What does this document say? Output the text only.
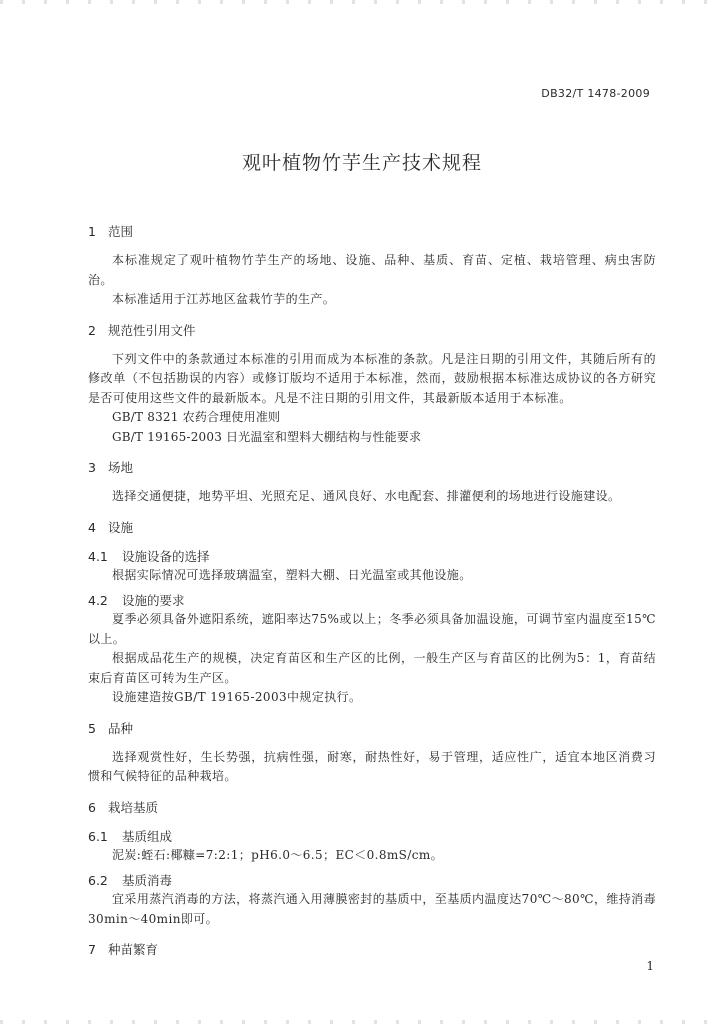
DB32/T 1478-2009
观叶植物竹芋生产技术规程
1 范围

本标准规定了观叶植物竹芋生产的场地、设施、品种、基质、育苗、定植、栽培管理、病虫害防治。

本标准适用于江苏地区盆栽竹芋的生产。

2 规范性引用文件

下列文件中的条款通过本标准的引用而成为本标准的条款。凡是注日期的引用文件，其随后所有的修改单（不包括勘误的内容）或修订版均不适用于本标准，然而，鼓励根据本标准达成协议的各方研究是否可使用这些文件的最新版本。凡是不注日期的引用文件，其最新版本适用于本标准。

GB/T 8321 农药合理使用准则

GB/T 19165-2003 日光温室和塑料大棚结构与性能要求

3 场地

选择交通便捷，地势平坦、光照充足、通风良好、水电配套、排灌便利的场地进行设施建设。

4 设施
4.1 设施设备的选择

根据实际情况可选择玻璃温室，塑料大棚、日光温室或其他设施。

4.2 设施的要求

夏季必须具备外遮阳系统，遮阳率达75%或以上；冬季必须具备加温设施，可调节室内温度至15℃以上。

根据成品花生产的规模，决定育苗区和生产区的比例，一般生产区与育苗区的比例为5：1，育苗结束后育苗区可转为生产区。

设施建造按GB/T 19165-2003中规定执行。

5 品种

选择观赏性好，生长势强，抗病性强，耐寒，耐热性好，易于管理，适应性广，适宜本地区消费习惯和气候特征的品种栽培。

6 栽培基质
6.1 基质组成

泥炭:蛭石:椰糠=7:2:1；pH6.0～6.5；EC＜0.8mS/cm。

6.2 基质消毒

宜采用蒸汽消毒的方法，将蒸汽通入用薄膜密封的基质中，至基质内温度达70℃～80℃，维持消毒30min～40min即可。

7 种苗繁育
1
